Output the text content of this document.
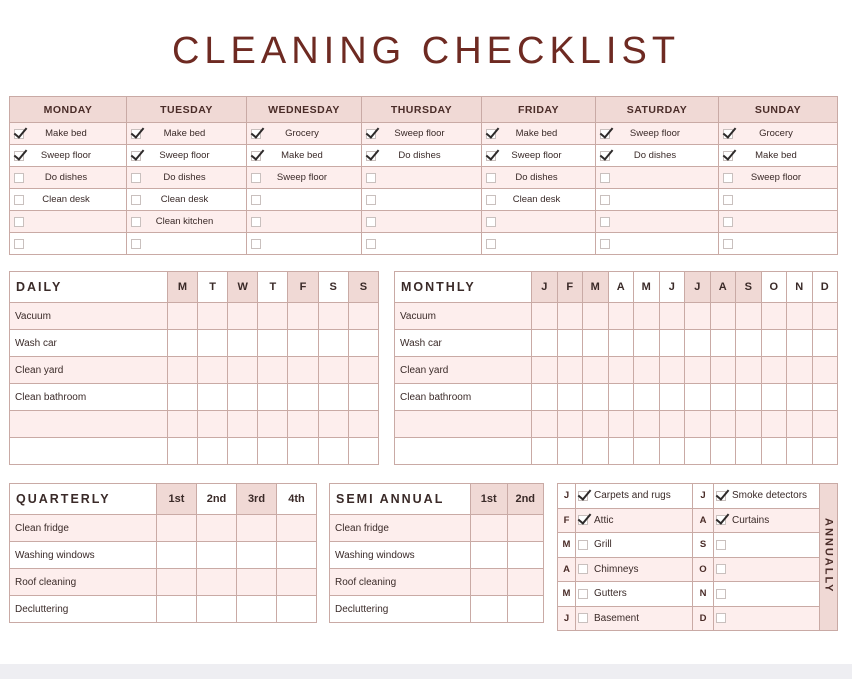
CLEANING CHECKLIST
MONDAY	TUESDAY	WEDNESDAY	THURSDAY	FRIDAY	SATURDAY	SUNDAY

Make bed	Make bed	Grocery	Sweep floor	Make bed	Sweep floor	Grocery

Sweep floor	Sweep floor	Make bed	Do dishes	Sweep floor	Do dishes	Make bed

Do dishes	Do dishes	Sweep floor		Do dishes		Sweep floor

Clean desk	Clean desk			Clean desk		

	Clean kitchen					

DAILY	M	T	W	T	F	S	S
Vacuum							
Wash car							
Clean yard							
Clean bathroom							

MONTHLY	J	F	M	A	M	J	J	A	S	O	N	D
Vacuum												
Wash car												
Clean yard												
Clean bathroom												

QUARTERLY	1st	2nd	3rd	4th
Clean fridge				
Washing windows				
Roof cleaning				
Decluttering				
SEMI ANNUAL	1st	2nd
Clean fridge		
Washing windows		
Roof cleaning		
Decluttering		
J	Carpets and rugs	J	Smoke detectors	ANNUALLY
F	Attic	A	Curtains	

M	Grill	S		

A	Chimneys	O		

M	Gutters	N		

J	Basement	D		
